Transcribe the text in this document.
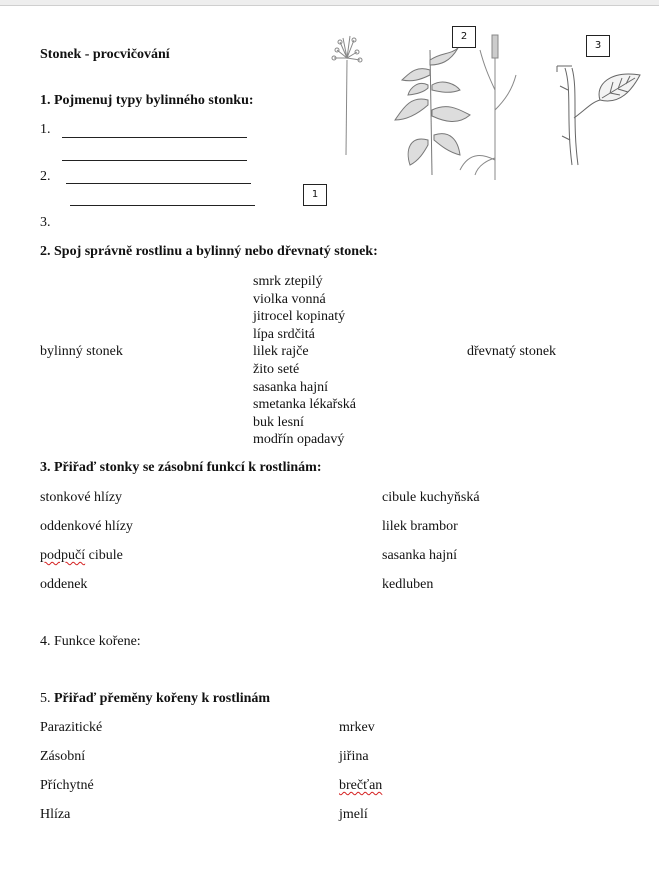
Stonek - procvičování
1. Pojmenuj typy bylinného stonku:
1.
2.
3.
1
2
3
2. Spoj správně rostlinu a bylinný nebo dřevnatý stonek:
bylinný stonek	dřevnatý stonek
smrk ztepilý
violka vonná
jitrocel kopinatý
lípa srdčitá
lilek rajče
žito seté
sasanka hajní
smetanka lékařská
buk lesní
modřín opadavý
3. Přiřaď stonky se zásobní funkcí k rostlinám:
stonkové hlízy
oddenkové hlízy
podpučí cibule
oddenek
cibule kuchyňská
lilek brambor
sasanka hajní
kedluben
4. Funkce kořene:
5. Přiřaď přeměny kořeny k rostlinám
Parazitické
Zásobní
Příchytné
Hlíza
mrkev
jiřina
brečťan
jmelí
